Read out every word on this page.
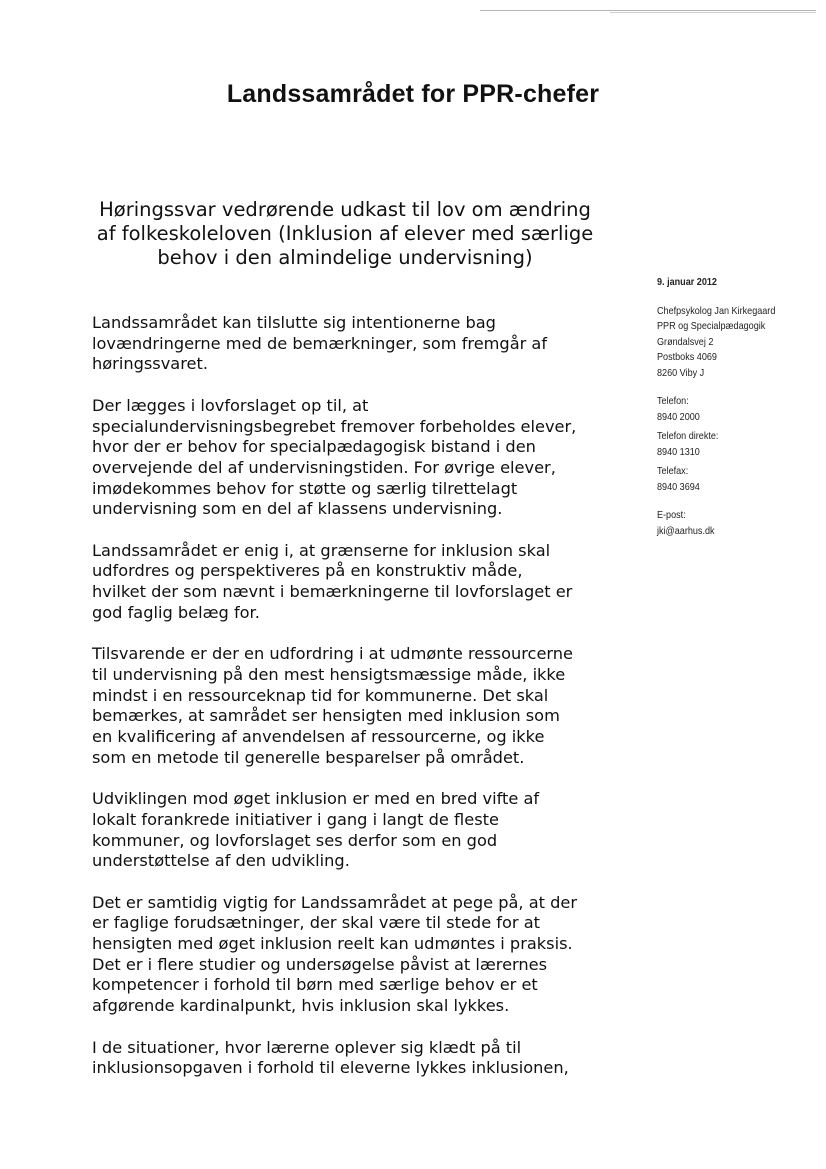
Landssamrådet for PPR-chefer
Høringssvar vedrørende udkast til lov om ændring
af folkeskoleloven (Inklusion af elever med særlige
behov i den almindelige undervisning)
9. januar 2012
Chefpsykolog Jan Kirkegaard
PPR og Specialpædagogik
Grøndalsvej 2
Postboks 4069
8260 Viby J
Telefon:
8940 2000
Telefon direkte:
8940 1310
Telefax:
8940 3694
E-post:
jki@aarhus.dk

Landssamrådet kan tilslutte sig intentionerne bag
lovændringerne med de bemærkninger, som fremgår af
høringssvaret.

Der lægges i lovforslaget op til, at
specialundervisningsbegrebet fremover forbeholdes elever,
hvor der er behov for specialpædagogisk bistand i den
overvejende del af undervisningstiden. For øvrige elever,
imødekommes behov for støtte og særlig tilrettelagt
undervisning som en del af klassens undervisning.

Landssamrådet er enig i, at grænserne for inklusion skal
udfordres og perspektiveres på en konstruktiv måde,
hvilket der som nævnt i bemærkningerne til lovforslaget er
god faglig belæg for.

Tilsvarende er der en udfordring i at udmønte ressourcerne
til undervisning på den mest hensigtsmæssige måde, ikke
mindst i en ressourceknap tid for kommunerne. Det skal
bemærkes, at samrådet ser hensigten med inklusion som
en kvalificering af anvendelsen af ressourcerne, og ikke
som en metode til generelle besparelser på området.

Udviklingen mod øget inklusion er med en bred vifte af
lokalt forankrede initiativer i gang i langt de fleste
kommuner, og lovforslaget ses derfor som en god
understøttelse af den udvikling.

Det er samtidig vigtig for Landssamrådet at pege på, at der
er faglige forudsætninger, der skal være til stede for at
hensigten med øget inklusion reelt kan udmøntes i praksis.
Det er i flere studier og undersøgelse påvist at lærernes
kompetencer i forhold til børn med særlige behov er et
afgørende kardinalpunkt, hvis inklusion skal lykkes.

I de situationer, hvor lærerne oplever sig klædt på til
inklusionsopgaven i forhold til eleverne lykkes inklusionen,
